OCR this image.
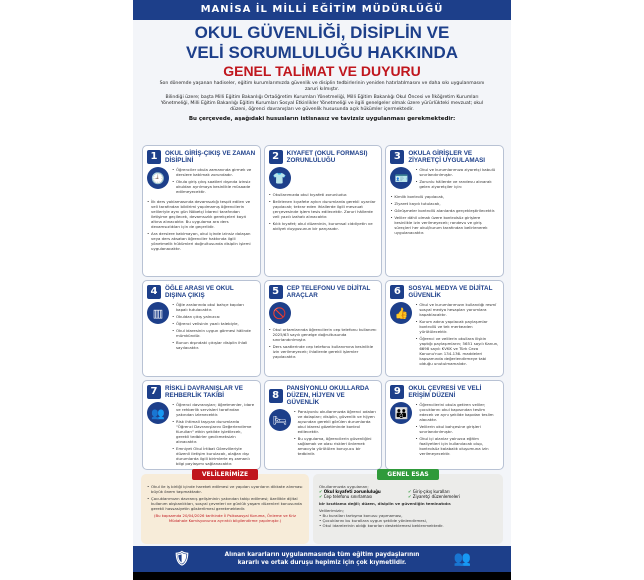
MANİSA İL MİLLİ EĞİTİM MÜDÜRLÜĞÜ
OKUL GÜVENLİĞİ, DİSİPLİN VE
VELİ SORUMLULUĞU HAKKINDA
GENEL TALİMAT VE DUYURU

Son dönemde yaşanan hadiseler, eğitim kurumlarımızda güvenlik ve disiplin tedbirlerinin yeniden hatırlatılmasını ve daha sıkı uygulanmasını zaruri kılmıştır.

Bilindiği üzere; başta Milli Eğitim Bakanlığı Ortaöğretim Kurumları Yönetmeliği, Milli Eğitim Bakanlığı Okul Öncesi ve İlköğretim Kurumları Yönetmeliği, Milli Eğitim Bakanlığı Eğitim Kurumları Sosyal Etkinlikler Yönetmeliği ve ilgili genelgeler olmak üzere yürürlükteki mevzuat; okul düzeni, öğrenci davranışları ve güvenlik hususunda açık hükümler içermektedir.

Bu çerçevede, aşağıdaki hususların istisnasız ve tavizsiz uygulanması gerekmektedir:
1	OKUL GİRİŞ-ÇIKIŞ VE ZAMAN DİSİPLİNİ
🕘
• Öğrenciler okula zamanında girmek ve derslere katılmak zorundadır.
• Okula giriş çıkış saatleri dışında izinsiz okuldan ayrılmaya kesinlikle müsaade edilmeyecektir.
• İlk ders yoklamasında devamsızlığı tespit edilen ve veli tarafından bildirimi yapılmamış öğrencilerin velileriyle aynı gün Nöbetçi İdareci tarafından iletişime geçilecek, devamsızlık gerekçeleri kayıt altına alınacaktır. Bu uygulama ara ders devamsızlıkları için de geçerlidir.
• Ara derslere katılmayan, okul içinde izinsiz dolaşan veya ders aksatan öğrenciler hakkında ilgili yönetmelik hükümleri doğrultusunda disiplin işlemi uygulanacaktır.
2	KIYAFET (OKUL FORMASI) ZORUNLULUĞU
👕
• Okullarımızda okul kıyafeti zorunludur.
• Belirlenen kıyafete aykırı durumlarda gerekli uyarılar yapılacak; tekrar eden ihlallerde ilgili mevzuat çerçevesinde işlem tesis edilecektir. Zaruri hâllerde veli yazılı izahatı alınacaktır.
• Kılık kıyafet; okul düzeninin, kurumsal ciddiyetin ve aidiyet duygusunun bir parçasıdır.
3	OKULA GİRİŞLER VE ZİYARETÇİ UYGULAMASI
🪪
• Okul ve kurumlarımıza ziyaretçi kabulü sınırlandırılmıştır.
• Zorunlu hâllerde ve randevu alınarak gelen ziyaretçiler için:
• Kimlik kontrolü yapılacak,
• Ziyaret kaydı tutulacak,
• Görüşmeler kontrollü alanlarda gerçekleştirilecektir.
• Veliler dâhil olmak üzere kontrolsüz girişlere kesinlikle izin verilmeyecek; randevu ve giriş süreçleri her okul/kurum tarafından belirlenerek uygulanacaktır.
4	ÖĞLE ARASI VE OKUL DIŞINA ÇIKIŞ
▥
• Öğle aralarında okul bahçe kapıları kapalı tutulacaktır.
• Okuldan çıkış yalnızca:
• Öğrenci velisinin yazılı talebiyle,
• Okul idaresinin uygun görmesi hâlinde mümkündür.
• Bunun dışındaki çıkışlar disiplin ihlali sayılacaktır.
5	CEP TELEFONU VE DİJİTAL ARAÇLAR
🚫
• Okul ortamlarında öğrencilerin cep telefonu kullanımı 2025/63 sayılı genelge doğrultusunda sınırlandırılmıştır.
• Ders saatlerinde cep telefonu kullanımına kesinlikle izin verilmeyecek; ihlallerde gerekli işlemler yapılacaktır.
6	SOSYAL MEDYA VE DİJİTAL GÜVENLİK
👍
• Okul ve kurumlarımızın kullandığı resmî sosyal medya hesapları yorumlara kapatılacaktır.
• Kurum adına yapılacak paylaşımlar kontrollü ve tek merkezden yürütülecektir.
• Öğrenci ve velilerin okullara ilişkin yaptığı paylaşımların; 5651 sayılı Kanun, 6698 sayılı KVKK ve Türk Ceza Kanunu'nun 134-136. maddeleri kapsamında değerlendirmeye tabi olduğu unutulmamalıdır.
7	RİSKLİ DAVRANIŞLAR VE REHBERLİK TAKİBİ
👥
• Öğrenci davranışları; öğretmenler, idare ve rehberlik servisleri tarafından yakından izlenecektir.
• Risk ihtimali taşıyan durumlarda "Öğrenci Davranışlarını Değerlendirme Kurulları" etkin şekilde işletilecek, gerekli tedbirler gecikmeksizin alınacaktır.
• Emniyet Okul İrtibat Görevlileriyle düzenli iletişim kurulacak, olağan dışı durumlarda ilgili birimlerle eş zamanlı bilgi paylaşımı sağlanacaktır.
8
PANSİYONLU OKULLARDA DÜZEN, HİJYEN VE GÜVENLİK
🛏
• Pansiyonlu okullarımızda öğrenci odaları ve dolapları; disiplin, güvenlik ve hijyen açısından gerekli görülen durumlarda okul idaresi gözetiminde kontrol edilecektir.
• Bu uygulama, öğrencilerin güvenliğini sağlamak ve olası riskleri önlemek amacıyla yürütülen koruyucu bir tedbirdir.
9	OKUL ÇEVRESİ VE VELİ ERİŞİM DÜZENİ
👪
• Öğrencilerini okula getiren veliler; çocuklarını okul kapısından teslim edecek ve aynı şekilde kapıdan teslim alacaktır.
• Velilerin okul bahçesine girişleri sınırlandırılmıştır.
• Okul içi alanlar yalnızca eğitim faaliyetleri için kullanılacak olup, kontrolsüz kalabalık oluşumuna izin verilmeyecektir.
VELİLERİMİZE
• Okul ile iş birliği içinde hareket edilmesi ve yapılan uyarıların dikkate alınması büyük önem taşımaktadır.
• Çocuklarımızın davranış gelişiminin yakından takip edilmesi; özellikle dijital kullanım alışkanlıkları, sosyal çevreleri ve günlük yaşam düzenleri konusunda gerekli hassasiyetin gösterilmesi gerekmektedir.
(Bu kapsamda 20/04/2026 tarihinde İl Psikososyal Koruma, Önleme ve Kriz Müdahale Komisyonunca ayrıntılı bilgilendirme yapılmıştır.)
GENEL ESAS
Okullarımızda uygulanan;
✔ Okul kıyafeti zorunluluğu	✔ Giriş-çıkış kuralları
✔ Cep telefonu sınırlaması	✔ Ziyaretçi düzenlemeleri
bir kısıtlama değil; düzen, disiplin ve güvenliğin teminatıdır.
Velilerimizin;
• Bu kuralları tartışma konusu yapmaması,
• Çocuklarını bu kurallara uygun şekilde yönlendirmesi,
• Okul idarelerinin aldığı kararları desteklemesi beklenmektedir.
🛡	Alınan kararların uygulanmasında tüm eğitim paydaşlarının
kararlı ve ortak duruşu hepimiz için çok kıymetlidir.	👥
